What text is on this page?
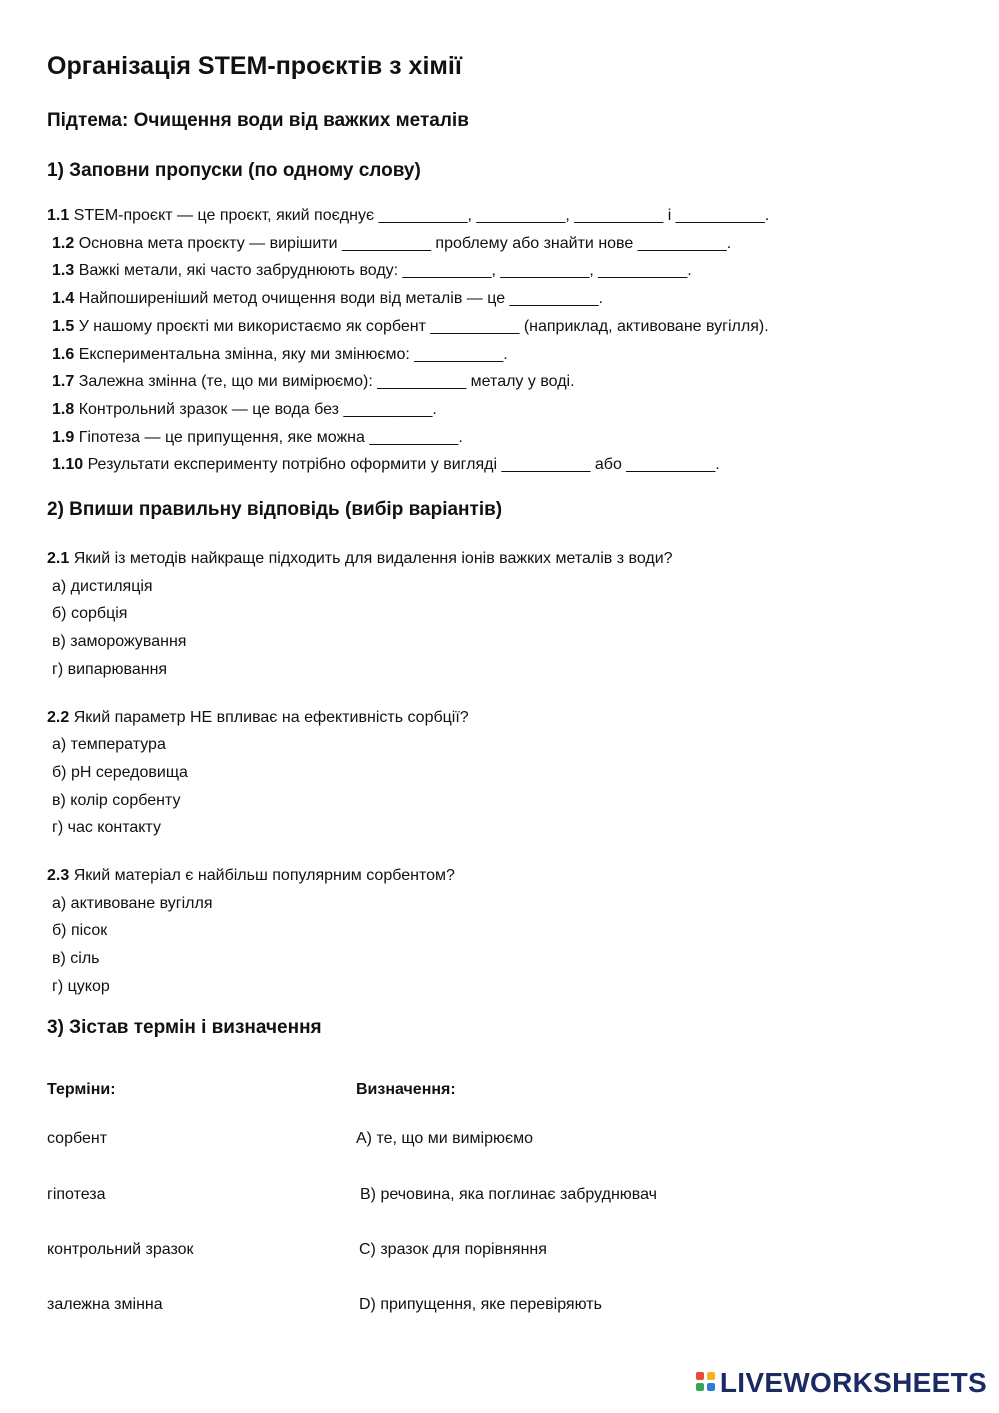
Організація STEM-проєктів з хімії
Підтема: Очищення води від важких металів
1) Заповни пропуски (по одному слову)
1.1 STEM-проєкт — це проєкт, який поєднує __________, __________, __________ і __________.
1.2 Основна мета проєкту — вирішити __________ проблему або знайти нове __________.
1.3 Важкі метали, які часто забруднюють воду: __________, __________, __________.
1.4 Найпоширеніший метод очищення води від металів — це __________.
1.5 У нашому проєкті ми використаємо як сорбент __________ (наприклад, активоване вугілля).
1.6 Експериментальна змінна, яку ми змінюємо: __________.
1.7 Залежна змінна (те, що ми вимірюємо): __________ металу у воді.
1.8 Контрольний зразок — це вода без __________.
1.9 Гіпотеза — це припущення, яке можна __________.
1.10 Результати експерименту потрібно оформити у вигляді __________ або __________.
2) Впиши правильну відповідь (вибір варіантів)
2.1 Який із методів найкраще підходить для видалення іонів важких металів з води?
а) дистиляція
б) сорбція
в) заморожування
г) випарювання
2.2 Який параметр НЕ впливає на ефективність сорбції?
а) температура
б) pH середовища
в) колір сорбенту
г) час контакту
2.3 Який матеріал є найбільш популярним сорбентом?
а) активоване вугілля
б) пісок
в) сіль
г) цукор
3) Зістав термін і визначення
Терміни:	Визначення:
сорбент
гіпотеза
контрольний зразок
залежна змінна
A) те, що ми вимірюємо
B) речовина, яка поглинає забруднювач
C) зразок для порівняння
D) припущення, яке перевіряють
LIVEWORKSHEETS
